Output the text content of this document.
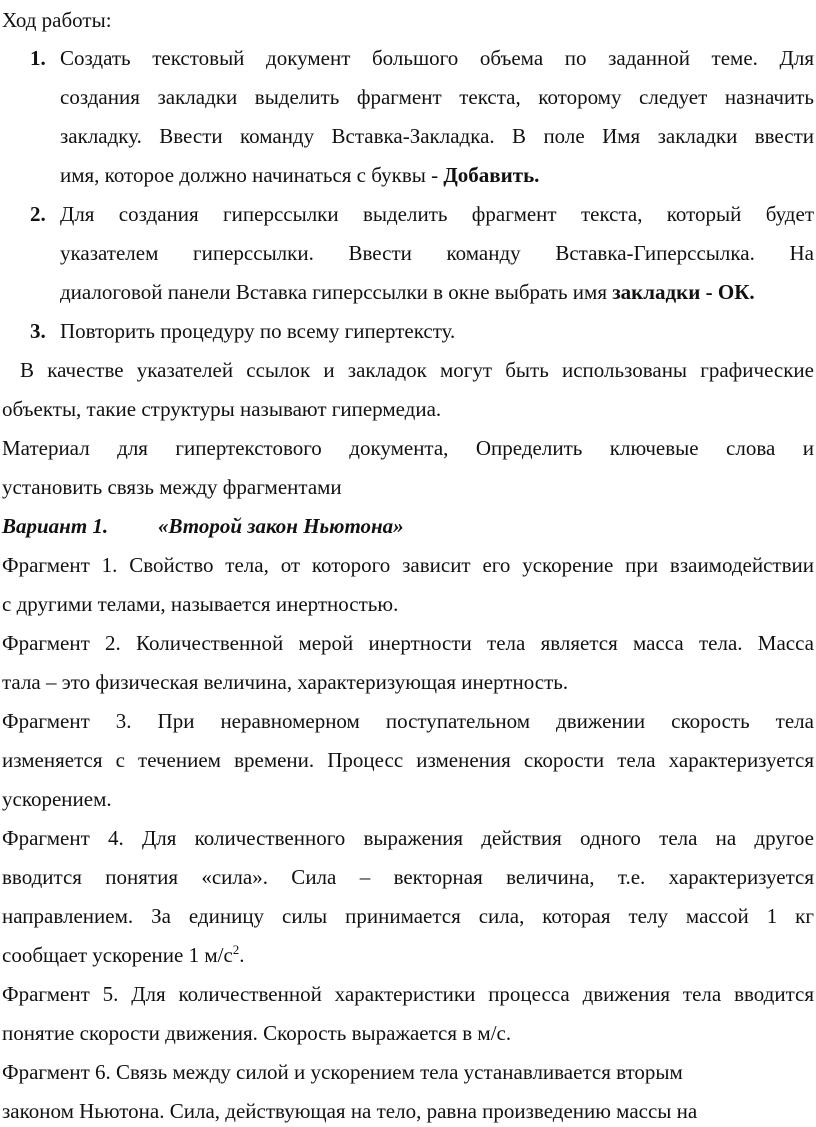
Ход работы:
1. Создать текстовый документ большого объема по заданной теме. Для
создания закладки выделить фрагмент текста, которому следует назначить
закладку. Ввести команду Вставка-Закладка. В поле Имя закладки ввести
имя, которое должно начинаться с буквы - Добавить.
2. Для создания гиперссылки выделить фрагмент текста, который будет
указателем гиперссылки. Ввести команду Вставка-Гиперссылка. На
диалоговой панели Вставка гиперссылки в окне выбрать имя закладки - ОК.
3. Повторить процедуру по всему гипертексту.
В качестве указателей ссылок и закладок могут быть использованы графические
объекты, такие структуры называют гипермедиа.
Материал для гипертекстового документа, Определить ключевые слова и
установить связь между фрагментами
Вариант 1. «Второй закон Ньютона»
Фрагмент 1. Свойство тела, от которого зависит его ускорение при взаимодействии
с другими телами, называется инертностью.
Фрагмент 2. Количественной мерой инертности тела является масса тела. Масса
тала – это физическая величина, характеризующая инертность.
Фрагмент 3. При неравномерном поступательном движении скорость тела
изменяется с течением времени. Процесс изменения скорости тела характеризуется
ускорением.
Фрагмент 4. Для количественного выражения действия одного тела на другое
вводится понятия «сила». Сила – векторная величина, т.е. характеризуется
направлением. За единицу силы принимается сила, которая телу массой 1 кг
сообщает ускорение 1 $м/с^2$.
Фрагмент 5. Для количественной характеристики процесса движения тела вводится
понятие скорости движения. Скорость выражается в м/с.
Фрагмент 6. Связь между силой и ускорением тела устанавливается вторым
законом Ньютона. Сила, действующая на тело, равна произведению массы на
